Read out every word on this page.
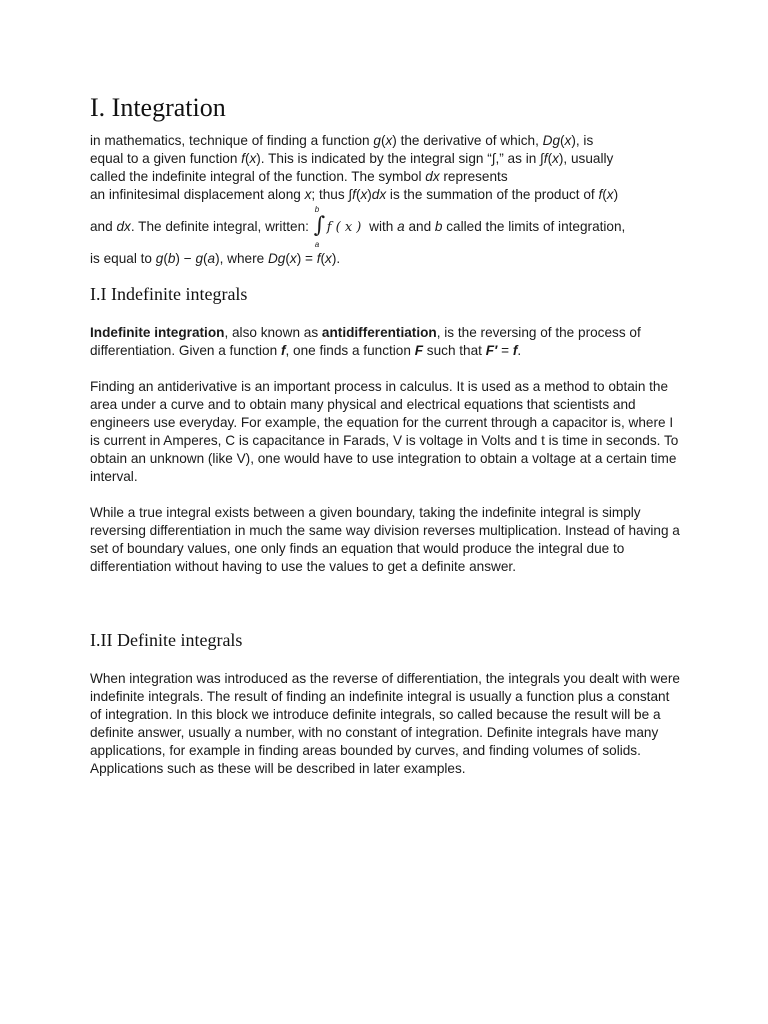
I. Integration

in mathematics, technique of finding a function g(x) the derivative of which, Dg(x), is
equal to a given function f(x). This is indicated by the integral sign “∫,” as in ∫f(x), usually
called the indefinite integral of the function. The symbol dx represents
an infinitesimal displacement along x; thus ∫f(x)dx is the summation of the product of f(x)
and dx. The definite integral, written:
b
∫
a
f ( x ) with a and b called the limits of integration,
is equal to g(b) − g(a), where Dg(x) = f(x).

I.I Indefinite integrals

Indefinite integration, also known as antidifferentiation, is the reversing of the process of differentiation. Given a function f, one finds a function F such that F′ = f.

Finding an antiderivative is an important process in calculus. It is used as a method to obtain the area under a curve and to obtain many physical and electrical equations that scientists and engineers use everyday. For example, the equation for the current through a capacitor is, where I is current in Amperes, C is capacitance in Farads, V is voltage in Volts and t is time in seconds. To obtain an unknown (like V), one would have to use integration to obtain a voltage at a certain time interval.

While a true integral exists between a given boundary, taking the indefinite integral is simply reversing differentiation in much the same way division reverses multiplication. Instead of having a set of boundary values, one only finds an equation that would produce the integral due to differentiation without having to use the values to get a definite answer.

I.II Definite integrals

When integration was introduced as the reverse of differentiation, the integrals you dealt with were indefinite integrals. The result of finding an indefinite integral is usually a function plus a constant of integration. In this block we introduce definite integrals, so called because the result will be a definite answer, usually a number, with no constant of integration. Definite integrals have many applications, for example in finding areas bounded by curves, and finding volumes of solids. Applications such as these will be described in later examples.
